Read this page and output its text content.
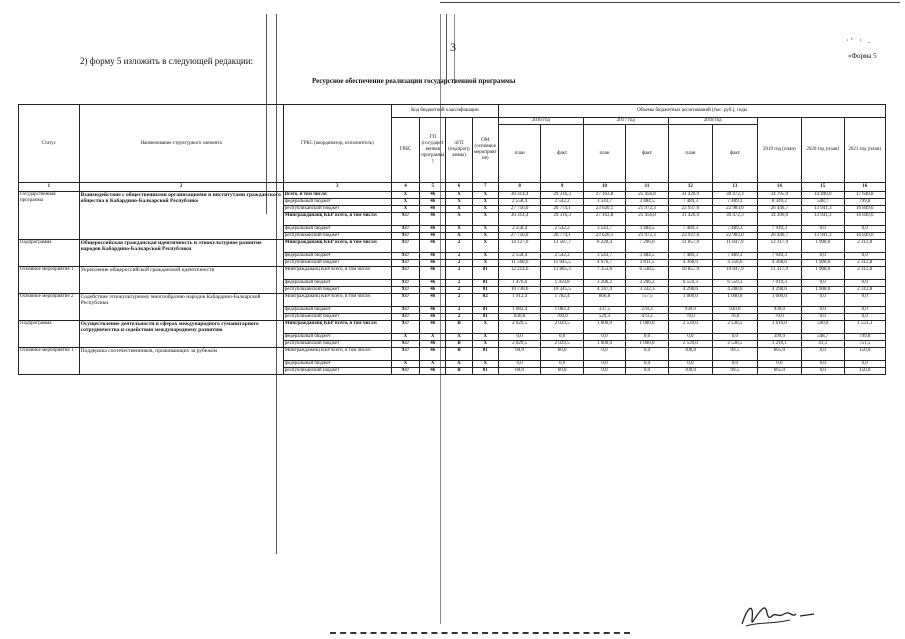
3
2) форму 5 изложить в следующей редакции:
·‘ · .
«Форма 5
Ресурсное обеспечение реализации государственной программы
Статус	Наименование структурного элемента	ГРБС (координатор, исполнитель)	Код бюджетной классификации				Объемы бюджетных ассигнований (тыс. руб.), годы								
			ГРБС	ГП (государственная программа)	пГП (подпрограммы)	ОМ (основное мероприятие)	2016 год		2017 год		2018 год		2019 год (план)	2020 год (план)	2021 год (план)
							план	факт	план	факт	план	факт			
1	2	3	4	5	6	7	8	9	10	11	12	13	14	15	16
Государственная программа	Взаимодействие с общественными организациями и институтами гражданского общества в Кабардино-Балкарской Республике	Всего, в том числе:	X	46	X	X	30 314,4	29 316,3	27 163,8	25 456,8	31 426,9	30 472,3	34 795,9	14 490,0	17 648,8
		федеральный бюджет	X	46	X	X	2 558,4	2 542,2	3 543,7	3 484,5	7 489,3	7 489,3	8 349,2	548,7	799,8
		республиканский бюджет	X	46	X	X	27 756,0	26 774,1	23 620,1	21 972,3	23 937,6	22 983,0	26 446,7	13 941,3	16 849,0
		Минграждананц КБР всего, в том числе:	937	46	X	X	30 314,4	29 316,3	27 163,8	25 456,8	31 426,9	30 472,3	34 396,0	13 941,3	16 849,0
		федеральный бюджет	937	46	X	X	2 558,4	2 542,2	3 543,7	3 484,5	7 489,3	7 489,3	7 949,3	0,0	0,0
		республиканский бюджет	937	46	X	X	27 756,0	26 774,1	23 620,1	21 972,3	23 937,6	22 983,0	26 446,7	13 941,3	16 849,0
Подпрограмма	Общероссийская гражданская идентичность и этнокультурное развитие народов Кабардино-Балкарской Республики	Минграждананц КБР всего, в том числе:	937	46	2	X	14 127,0	13 587,7	8 220,4	7 296,0	11 857,9	11 847,9	12 317,9	1 908,0	2 312,8
		федеральный бюджет	937	46	2	X	2 558,4	2 542,2	3 543,7	3 484,5	7 489,3	7 489,3	7 949,3	0,0	0,0
		республиканский бюджет	937	46	2	X	11 568,6	11 045,5	4 676,7	3 811,5	4 368,6	4 358,6	4 368,6	1 908,0	2 312,8
Основное мероприятие 1	Укрепление общероссийской гражданской идентичности	Минграждананц КБР всего, в том числе:	937	46	2	01	12 214,6	11 805,3	7 353,6	6 538,5	10 857,9	10 847,9	11 317,9	1 908,0	2 312,8
		федеральный бюджет	937	46	2	01	1 476,0	1 459,8	3 206,2	3 206,2	6 559,3	6 559,3	7 019,3	0,0	0,0
		республиканский бюджет	937	46	2	01	10 738,6	10 345,5	4 147,4	3 332,3	4 298,6	4 288,6	4 298,6	1 908,0	2 312,8
Основное мероприятие 2	Содействие этнокультурному многообразию народов Кабардино-Балкарской Республики	Минграждананц КБР всего, в том числе:	937	46	2	02	1 912,4	1 782,4	866,8	757,5	1 000,0	1 000,0	1 000,0	0,0	0,0
		федеральный бюджет	937	46	2	01	1 082,4	1 082,4	337,5	278,3	930,0	930,0	930,0	0,0	0,0
		республиканский бюджет	937	46	2	01	830,0	700,0	529,3	479,2	70,0	70,0	70,0	0,0	0,0
Подпрограмма	Осуществление деятельности в сферах международного гуманитарного сотрудничества и содействия международному развитию	Минграждананц КБР всего, в том числе:	937	46	B	X	2 029,5	2 029,5	1 000,0	1 000,0	2 539,0	2 538,5	3 610,0	590,0	1 551,3
		федеральный бюджет	X	X	X	X	0,0	0,0	0,0	0,0	0,0	0,0	399,9	548,7	799,8
		республиканский бюджет	937	46	B	X	2 029,5	2 029,5	1 000,0	1 000,0	2 539,0	2 538,5	3 210,1	41,3	751,5
Основное мероприятие 1	Поддержка соотечественников, проживающих за рубежом	Минграждананц КБР всего, в том числе:	937	46	B	01	60,0	60,0	0,0	0,0	100,0	99,5	665,0	0,0	150,0
		федеральный бюджет	X	X	X	X	0,0	0,0	0,0	0,0	0,0	0,0	0,0	0,0	0,0
		республиканский бюджет	937	46	B	01	60,0	60,0	0,0	0,0	100,0	99,5	665,0	0,0	150,0
